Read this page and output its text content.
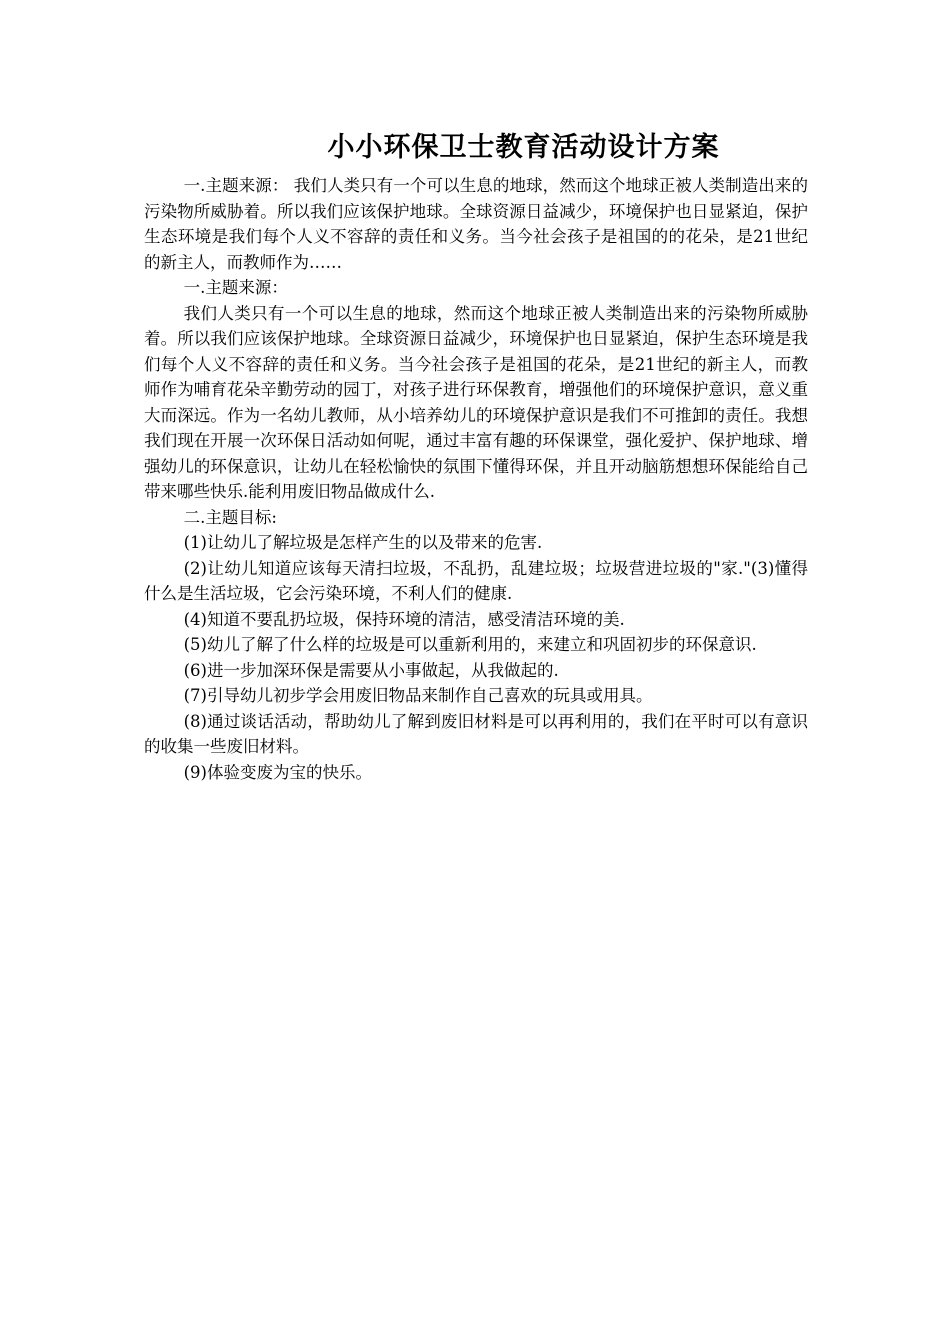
小小环保卫士教育活动设计方案

一.主题来源： 我们人类只有一个可以生息的地球，然而这个地球正被人类制造出来的污染物所威胁着。所以我们应该保护地球。全球资源日益减少，环境保护也日显紧迫，保护生态环境是我们每个人义不容辞的责任和义务。当今社会孩子是祖国的的花朵，是21世纪的新主人，而教师作为……

一.主题来源：

我们人类只有一个可以生息的地球，然而这个地球正被人类制造出来的污染物所威胁着。所以我们应该保护地球。全球资源日益减少，环境保护也日显紧迫，保护生态环境是我们每个人义不容辞的责任和义务。当今社会孩子是祖国的花朵，是21世纪的新主人，而教师作为哺育花朵辛勤劳动的园丁，对孩子进行环保教育，增强他们的环境保护意识，意义重大而深远。作为一名幼儿教师，从小培养幼儿的环境保护意识是我们不可推卸的责任。我想我们现在开展一次环保日活动如何呢，通过丰富有趣的环保课堂，强化爱护、保护地球、增强幼儿的环保意识，让幼儿在轻松愉快的氛围下懂得环保，并且开动脑筋想想环保能给自己带来哪些快乐.能利用废旧物品做成什么.

二.主题目标:

(1)让幼儿了解垃圾是怎样产生的以及带来的危害.

(2)让幼儿知道应该每天清扫垃圾，不乱扔，乱建垃圾；垃圾营进垃圾的"家."(3)懂得什么是生活垃圾，它会污染环境，不利人们的健康.

(4)知道不要乱扔垃圾，保持环境的清洁，感受清洁环境的美.

(5)幼儿了解了什么样的垃圾是可以重新利用的，来建立和巩固初步的环保意识.

(6)进一步加深环保是需要从小事做起，从我做起的.

(7)引导幼儿初步学会用废旧物品来制作自己喜欢的玩具或用具。

(8)通过谈话活动，帮助幼儿了解到废旧材料是可以再利用的，我们在平时可以有意识的收集一些废旧材料。

(9)体验变废为宝的快乐。
